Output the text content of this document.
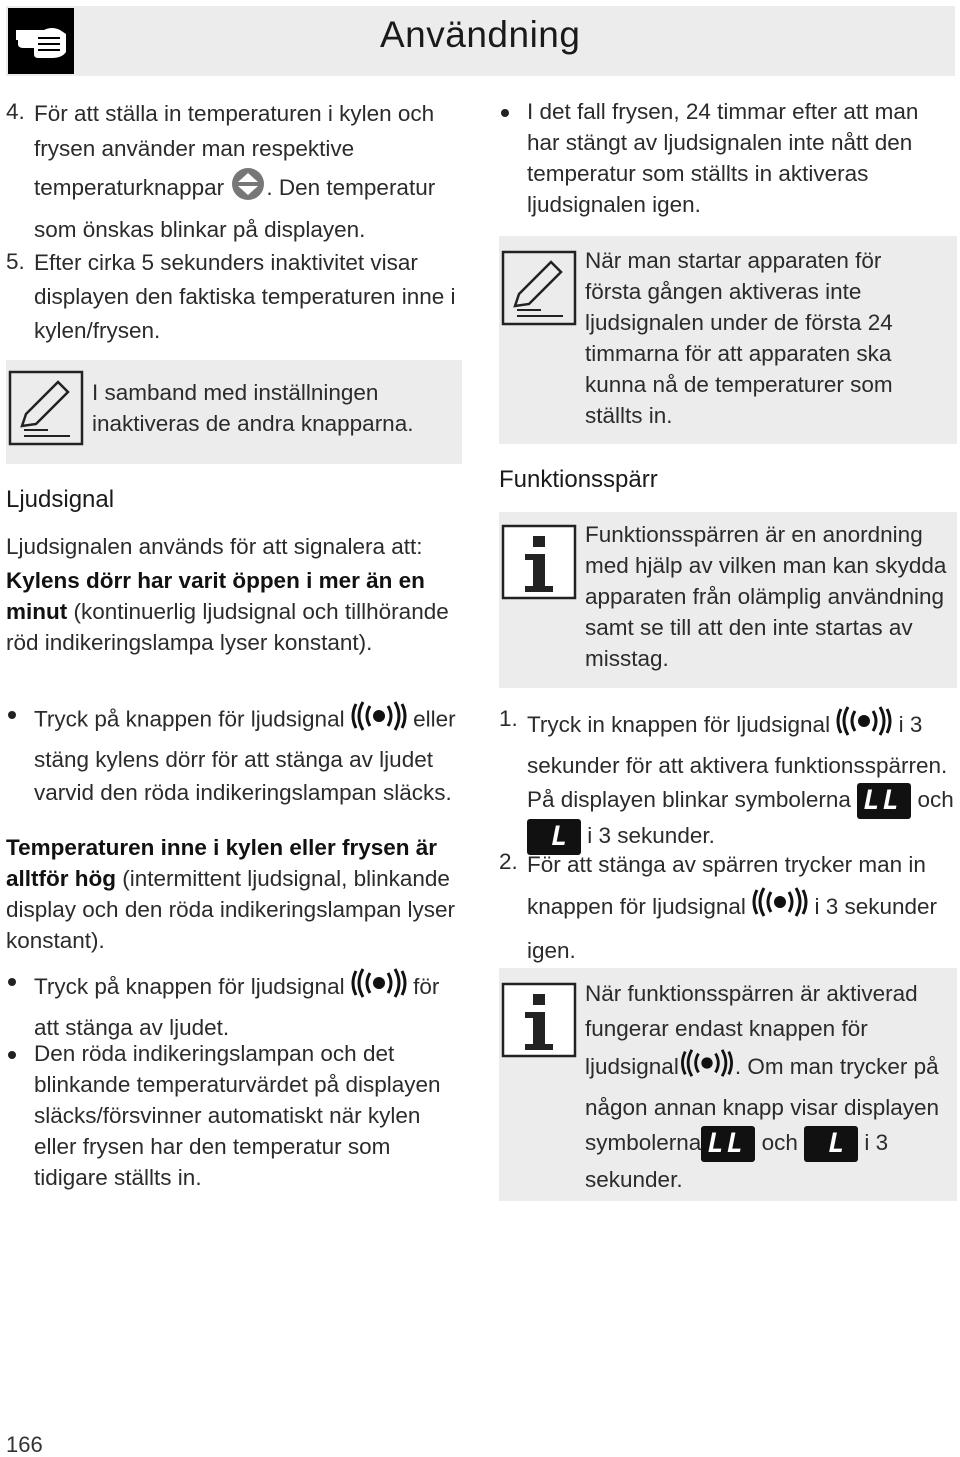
Användning
4. För att ställa in temperaturen i kylen och frysen använder man respektive temperaturknappar . Den temperatur som önskas blinkar på displayen.
5. Efter cirka 5 sekunders inaktivitet visar displayen den faktiska temperaturen inne i kylen/frysen.
I samband med inställningen inaktiveras de andra knapparna.
Ljudsignal
Ljudsignalen används för att signalera att:
Kylens dörr har varit öppen i mer än en minut (kontinuerlig ljudsignal och tillhörande röd indikeringslampa lyser konstant).
Tryck på knappen för ljudsignal	eller stäng kylens dörr för att stänga av ljudet varvid den röda indikeringslampan släcks.
Temperaturen inne i kylen eller frysen är alltför hög (intermittent ljudsignal, blinkande display och den röda indikeringslampan lyser konstant).
Tryck på knappen för ljudsignal	för att stänga av ljudet.
Den röda indikeringslampan och det blinkande temperaturvärdet på displayen släcks/försvinner automatiskt när kylen eller frysen har den temperatur som tidigare ställts in.
I det fall frysen, 24 timmar efter att man har stängt av ljudsignalen inte nått den temperatur som ställts in aktiveras ljudsignalen igen.
När man startar apparaten för första gången aktiveras inte ljudsignalen under de första 24 timmarna för att apparaten ska kunna nå de temperaturer som ställts in.
Funktionsspärr
Funktionsspärren är en anordning med hjälp av vilken man kan skydda apparaten från olämplig användning samt se till att den inte startas av misstag.
1. Tryck in knappen för ljudsignal	i 3 sekunder för att aktivera funktionsspärren. På displayen blinkar symbolerna LL och
L i 3 sekunder.
2. För att stänga av spärren trycker man in knappen för ljudsignal	i 3 sekunder igen.
När funktionsspärren är aktiverad fungerar endast knappen för ljudsignal . Om man trycker på någon annan knapp visar displayen symbolerna LL och L i 3 sekunder.
166
